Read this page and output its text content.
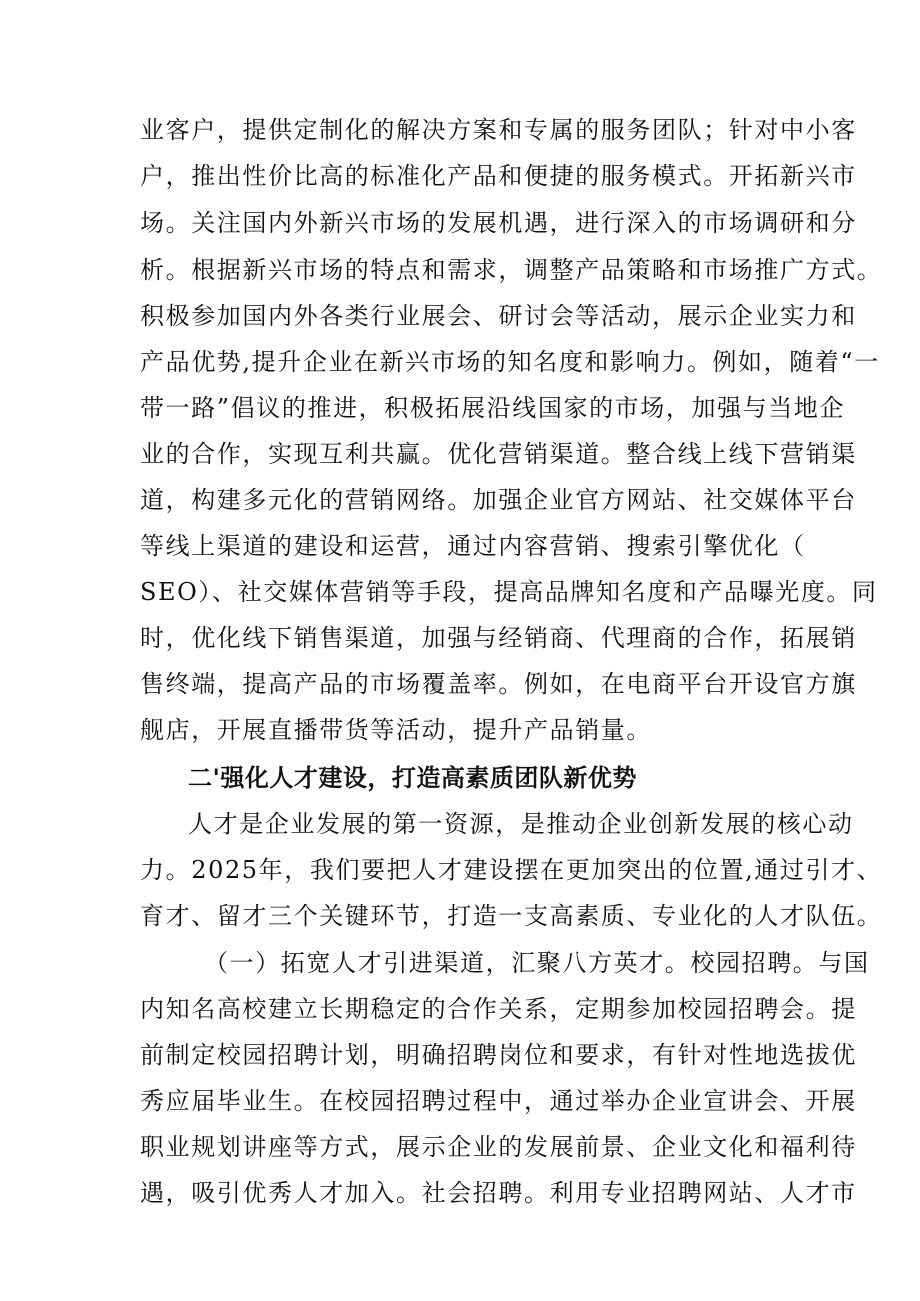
业客户，提供定制化的解决方案和专属的服务团队；针对中小客
户，推出性价比高的标准化产品和便捷的服务模式。开拓新兴市
场。关注国内外新兴市场的发展机遇，进行深入的市场调研和分
析。根据新兴市场的特点和需求，调整产品策略和市场推广方式。
积极参加国内外各类行业展会、研讨会等活动，展示企业实力和
产品优势,提升企业在新兴市场的知名度和影响力。例如，随着“一
带一路”倡议的推进，积极拓展沿线国家的市场，加强与当地企
业的合作，实现互利共赢。优化营销渠道。整合线上线下营销渠
道，构建多元化的营销网络。加强企业官方网站、社交媒体平台
等线上渠道的建设和运营，通过内容营销、搜索引擎优化（
SEO）、社交媒体营销等手段，提高品牌知名度和产品曝光度。同
时，优化线下销售渠道，加强与经销商、代理商的合作，拓展销
售终端，提高产品的市场覆盖率。例如，在电商平台开设官方旗
舰店，开展直播带货等活动，提升产品销量。
二'强化人才建设，打造高素质团队新优势
人才是企业发展的第一资源，是推动企业创新发展的核心动
力。2025年，我们要把人才建设摆在更加突出的位置,通过引才、
育才、留才三个关键环节，打造一支高素质、专业化的人才队伍。
（一）拓宽人才引进渠道，汇聚八方英才。校园招聘。与国
内知名高校建立长期稳定的合作关系，定期参加校园招聘会。提
前制定校园招聘计划，明确招聘岗位和要求，有针对性地选拔优
秀应届毕业生。在校园招聘过程中，通过举办企业宣讲会、开展
职业规划讲座等方式，展示企业的发展前景、企业文化和福利待
遇，吸引优秀人才加入。社会招聘。利用专业招聘网站、人才市
